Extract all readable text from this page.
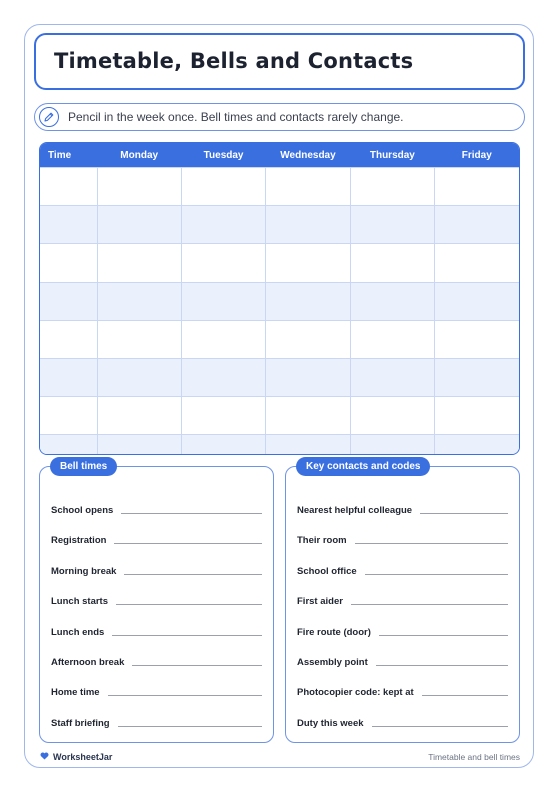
Timetable, Bells and Contacts
Pencil in the week once. Bell times and contacts rarely change.
Time	Monday	Tuesday	Wednesday	Thursday	Friday

Bell times
School opens
Registration
Morning break
Lunch starts
Lunch ends
Afternoon break
Home time
Staff briefing
Key contacts and codes
Nearest helpful colleague
Their room
School office
First aider
Fire route (door)
Assembly point
Photocopier code: kept at
Duty this week
WorksheetJar	Timetable and bell times
